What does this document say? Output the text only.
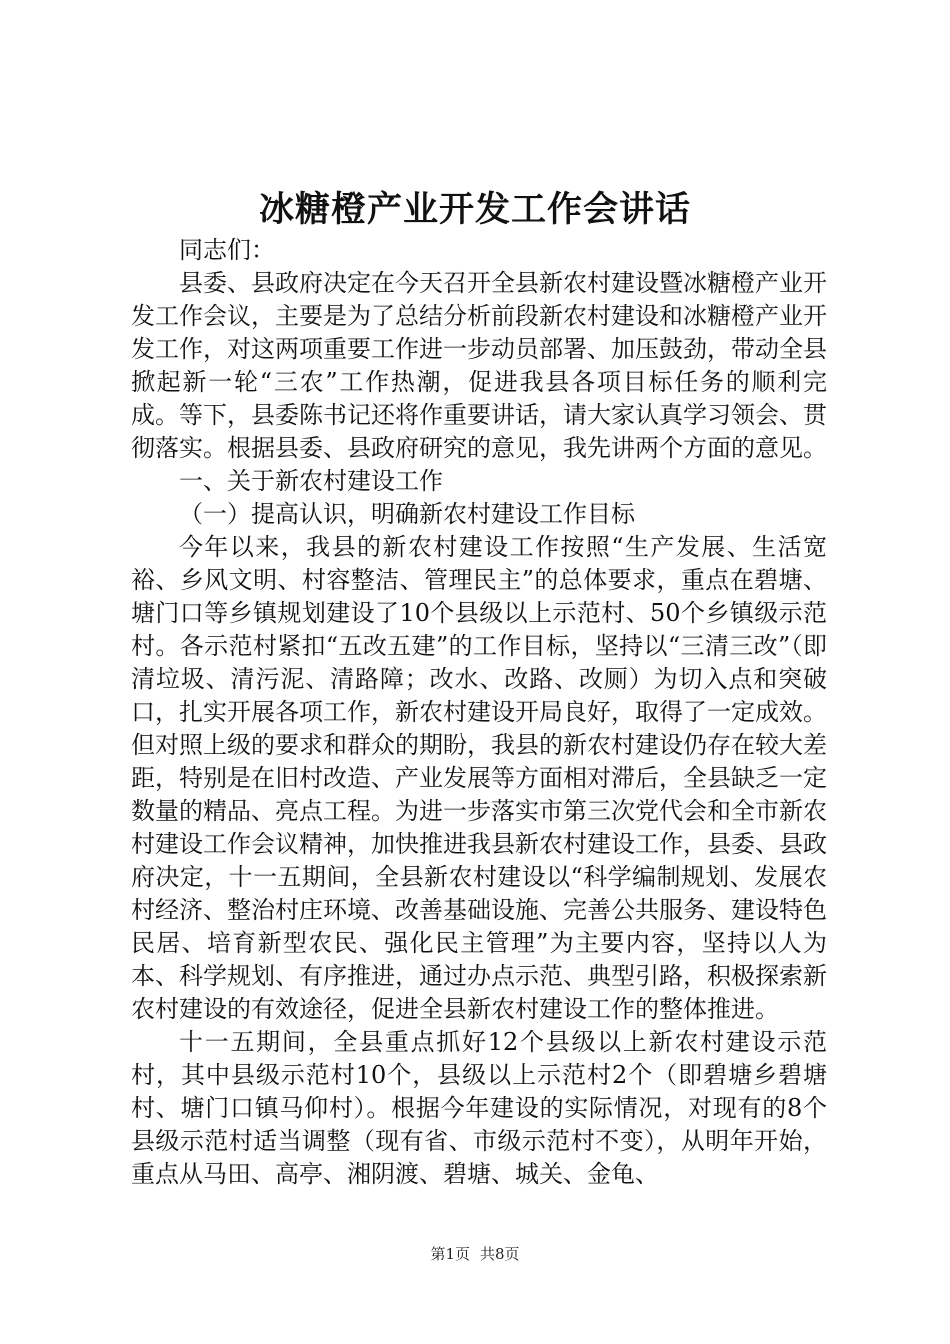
冰糖橙产业开发工作会讲话

同志们：

县委、县政府决定在今天召开全县新农村建设暨冰糖橙产业开发工作会议，主要是为了总结分析前段新农村建设和冰糖橙产业开发工作，对这两项重要工作进一步动员部署、加压鼓劲，带动全县掀起新一轮“三农”工作热潮，促进我县各项目标任务的顺利完成。等下，县委陈书记还将作重要讲话，请大家认真学习领会、贯彻落实。根据县委、县政府研究的意见，我先讲两个方面的意见。

一、关于新农村建设工作

（一）提高认识，明确新农村建设工作目标

今年以来，我县的新农村建设工作按照“生产发展、生活宽裕、乡风文明、村容整洁、管理民主”的总体要求，重点在碧塘、塘门口等乡镇规划建设了10个县级以上示范村、50个乡镇级示范村。各示范村紧扣“五改五建”的工作目标，坚持以“三清三改”（即清垃圾、清污泥、清路障；改水、改路、改厕）为切入点和突破口，扎实开展各项工作，新农村建设开局良好，取得了一定成效。但对照上级的要求和群众的期盼，我县的新农村建设仍存在较大差距，特别是在旧村改造、产业发展等方面相对滞后，全县缺乏一定数量的精品、亮点工程。为进一步落实市第三次党代会和全市新农村建设工作会议精神，加快推进我县新农村建设工作，县委、县政府决定，十一五期间，全县新农村建设以“科学编制规划、发展农村经济、整治村庄环境、改善基础设施、完善公共服务、建设特色民居、培育新型农民、强化民主管理”为主要内容，坚持以人为本、科学规划、有序推进，通过办点示范、典型引路，积极探索新农村建设的有效途径，促进全县新农村建设工作的整体推进。

十一五期间，全县重点抓好12个县级以上新农村建设示范村，其中县级示范村10个，县级以上示范村2个（即碧塘乡碧塘村、塘门口镇马仰村）。根据今年建设的实际情况，对现有的8个县级示范村适当调整（现有省、市级示范村不变），从明年开始，重点从马田、高亭、湘阴渡、碧塘、城关、金龟、

第1页 共8页
